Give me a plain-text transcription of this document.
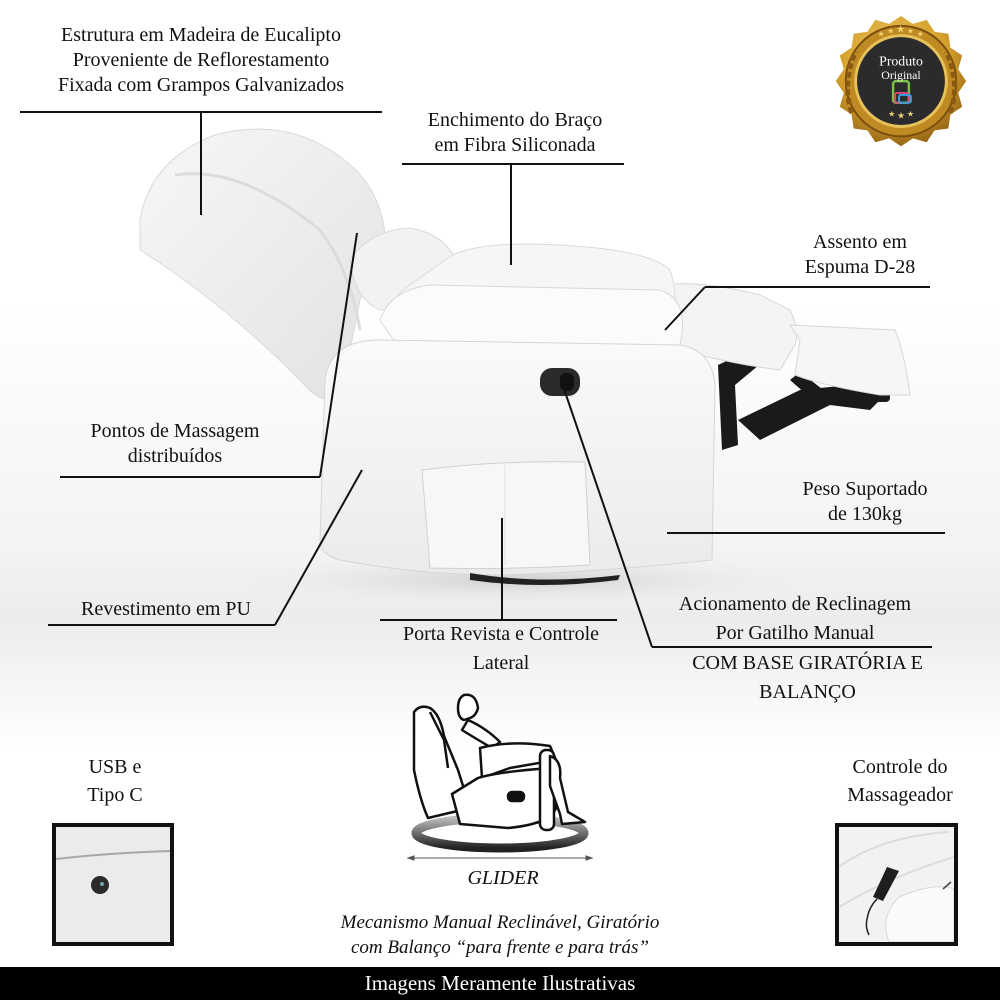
Estrutura em Madeira de Eucalipto
Proveniente de Reflorestamento
Fixada com Grampos Galvanizados
Enchimento do Braço
em Fibra Siliconada
Assento em
Espuma D-28
Pontos de Massagem
distribuídos
Peso Suportado
de 130kg
Revestimento em PU
Porta Revista e Controle
Lateral
Acionamento de Reclinagem
Por Gatilho Manual
COM BASE GIRATÓRIA E
BALANÇO
★ ★ ★ ★ ★
★ ★ ★
Produto
Original
USB e
Tipo C
Controle do
Massageador
GLIDER
Mecanismo Manual Reclinável, Giratório
com Balanço “para frente e para trás”
Imagens Meramente Ilustrativas
